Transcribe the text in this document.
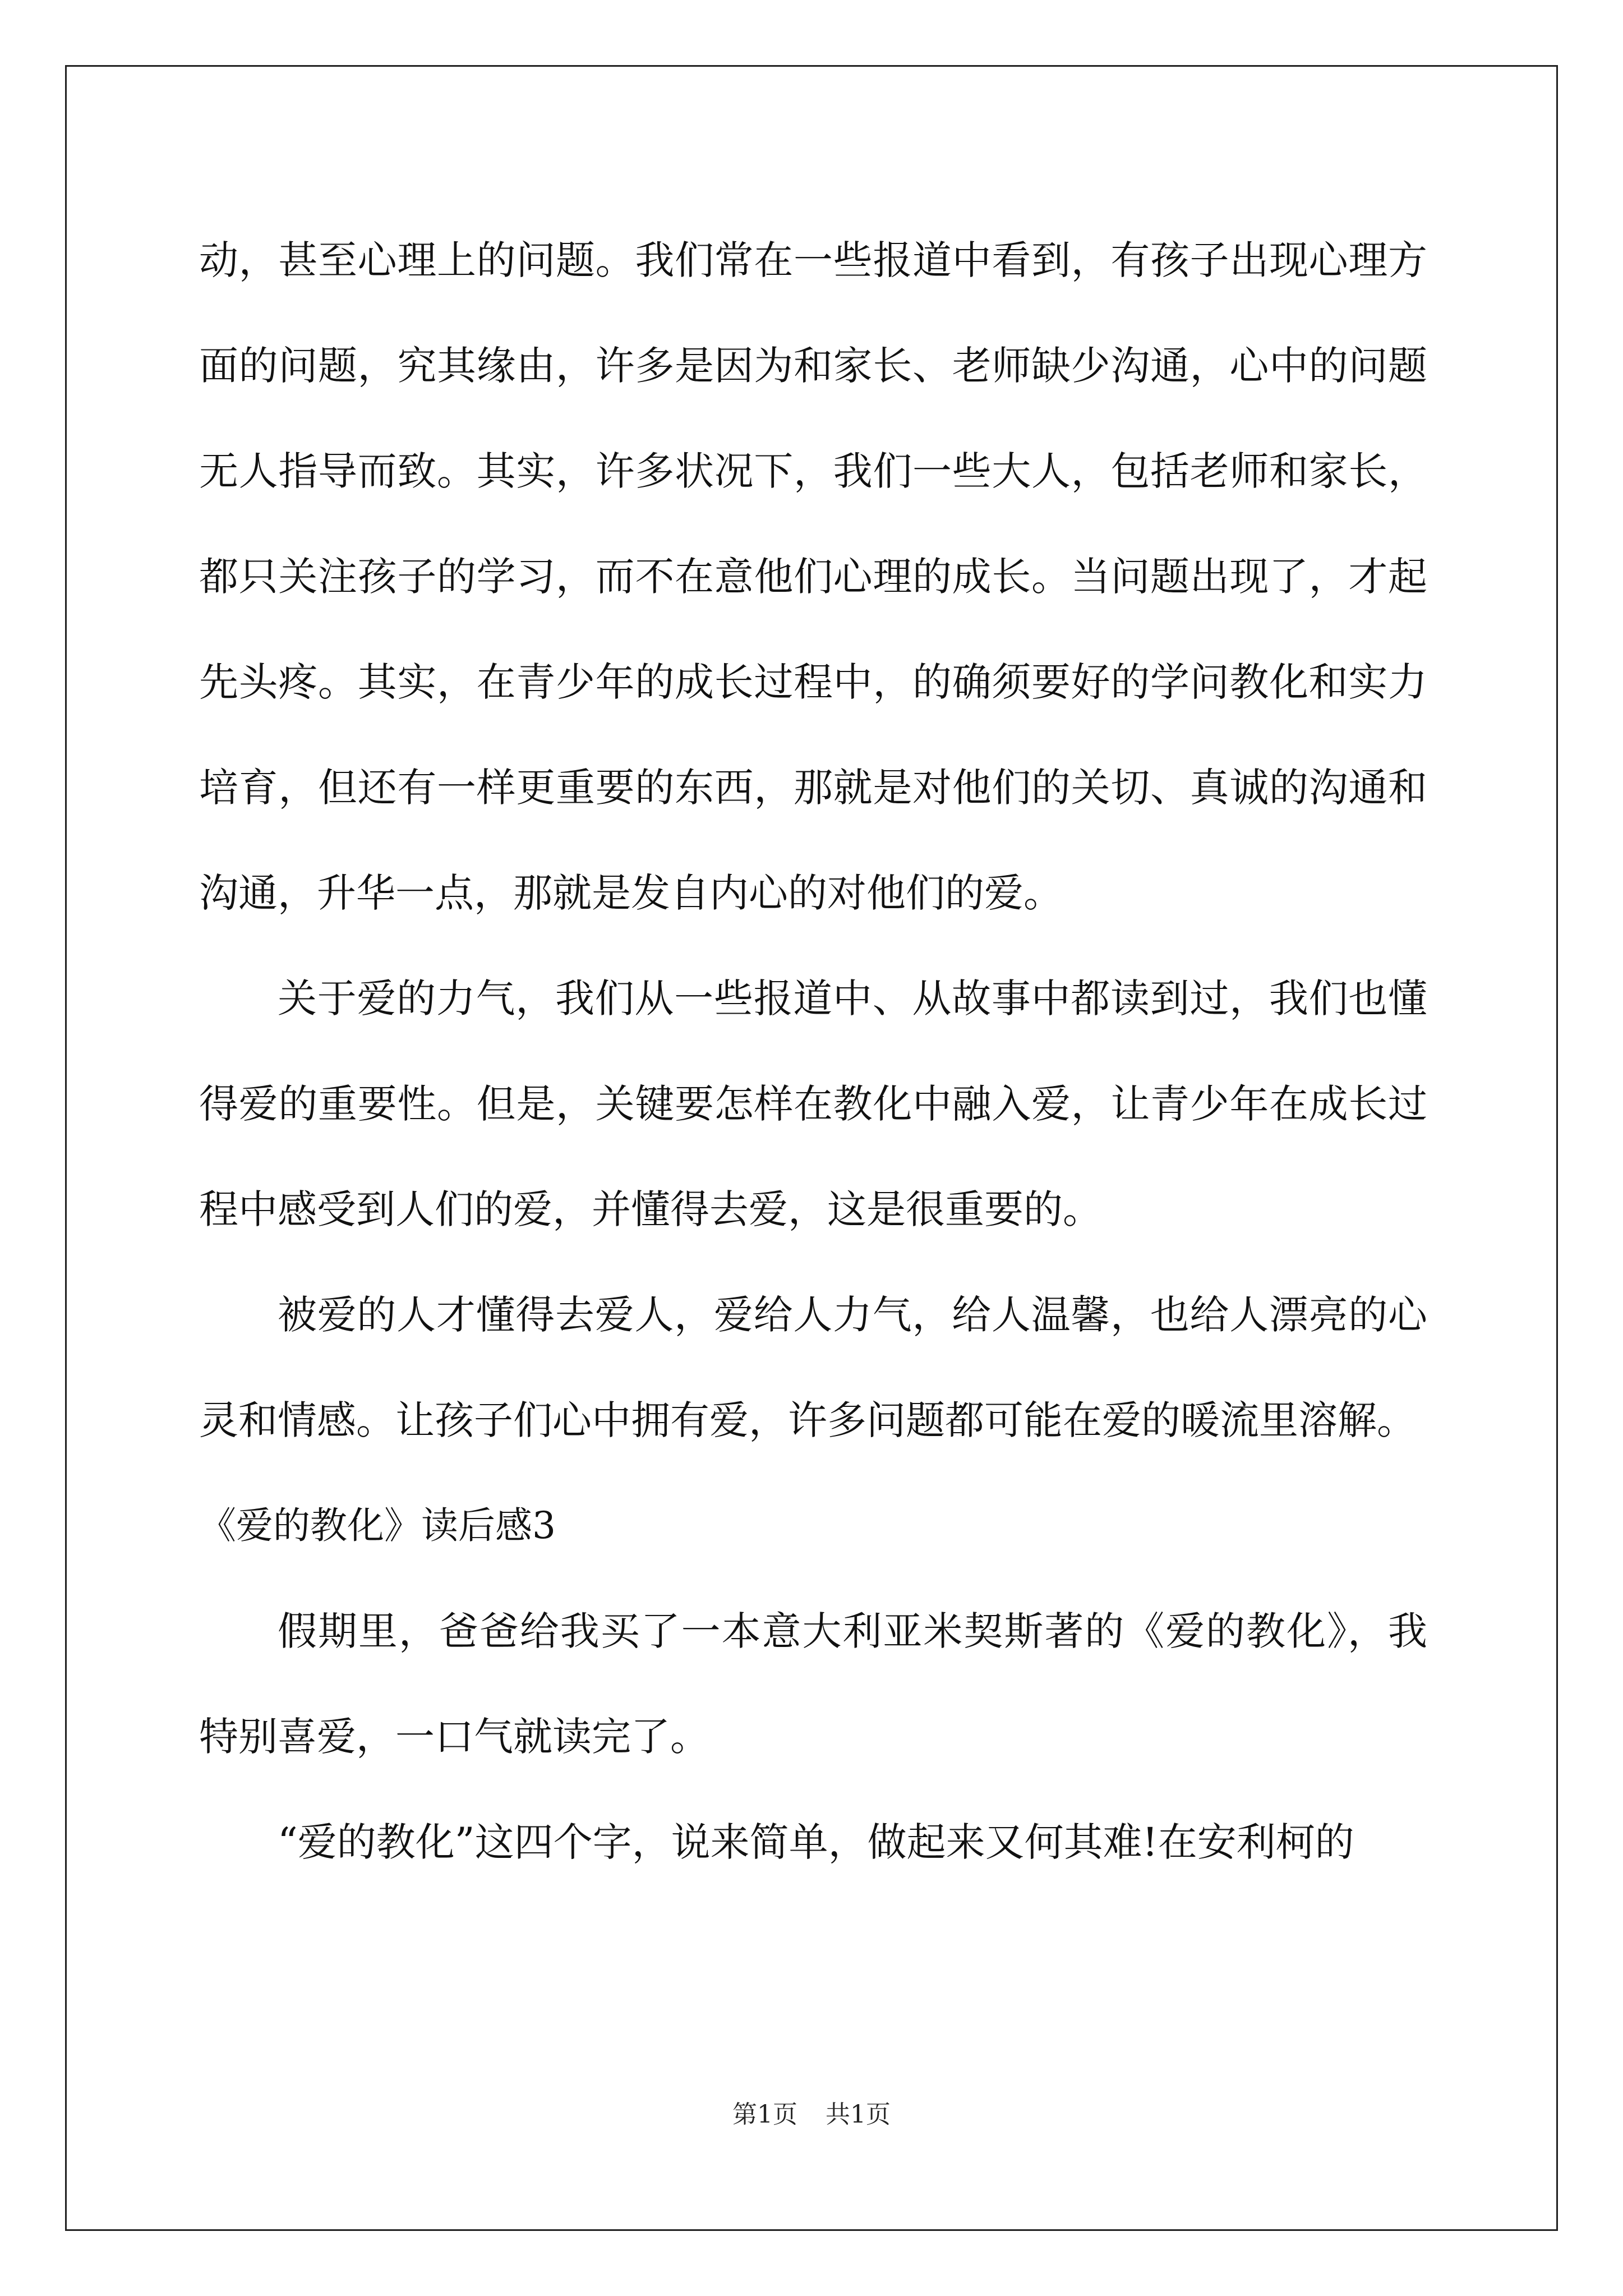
动，甚至心理上的问题。我们常在一些报道中看到，有孩子出现心理方面的问题，究其缘由，许多是因为和家长、老师缺少沟通，心中的问题无人指导而致。其实，许多状况下，我们一些大人，包括老师和家长，都只关注孩子的学习，而不在意他们心理的成长。当问题出现了，才起先头疼。其实，在青少年的成长过程中，的确须要好的学问教化和实力培育，但还有一样更重要的东西，那就是对他们的关切、真诚的沟通和沟通，升华一点，那就是发自内心的对他们的爱。

关于爱的力气，我们从一些报道中、从故事中都读到过，我们也懂得爱的重要性。但是，关键要怎样在教化中融入爱，让青少年在成长过程中感受到人们的爱，并懂得去爱，这是很重要的。

被爱的人才懂得去爱人，爱给人力气，给人温馨，也给人漂亮的心灵和情感。让孩子们心中拥有爱，许多问题都可能在爱的暖流里溶解。

《爱的教化》读后感3

假期里，爸爸给我买了一本意大利亚米契斯著的《爱的教化》，我特别喜爱，一口气就读完了。

“爱的教化”这四个字，说来简单，做起来又何其难!在安利柯的

第1页 共1页
